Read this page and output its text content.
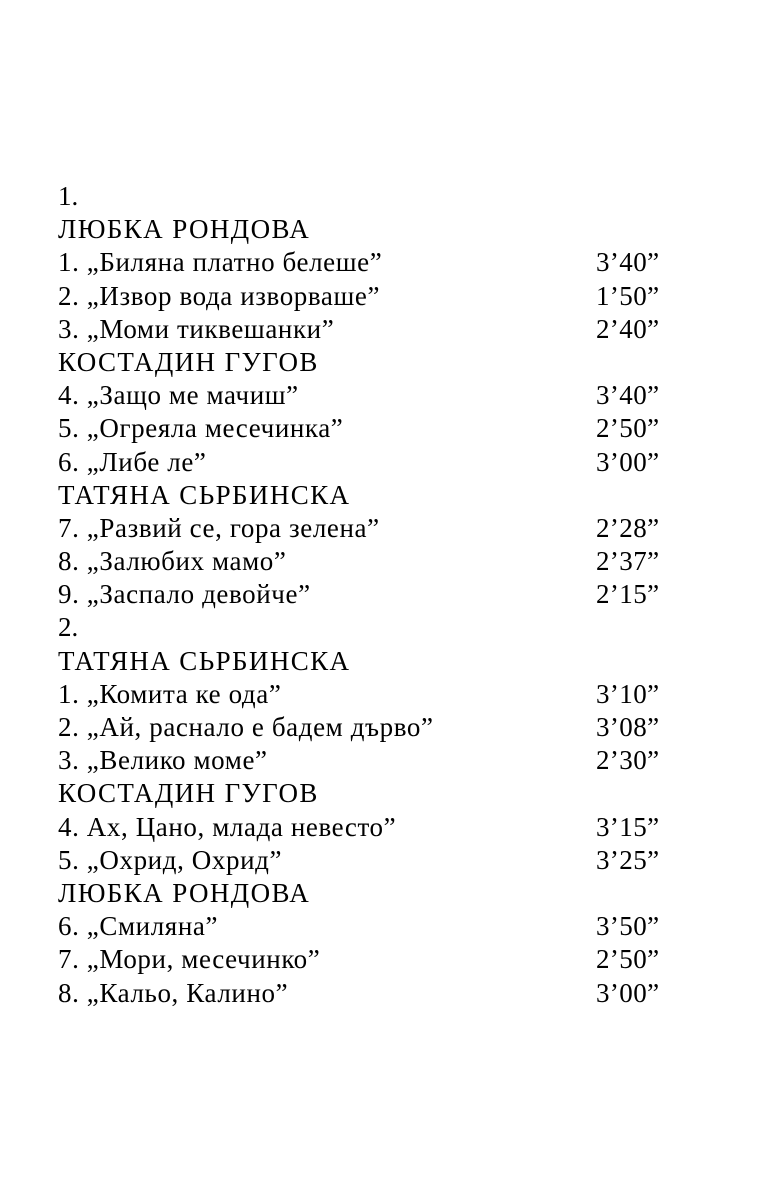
1.
ЛЮБКА РОНДОВА
1. „Биляна платно белеше”	3’40”
2. „Извор вода изворваше”	1’50”
3. „Моми тиквешанки”	2’40”
КОСТАДИН ГУГОВ
4. „Защо ме мачиш”	3’40”
5. „Огреяла месечинка”	2’50”
6. „Либе ле”	3’00”
ТАТЯНА СЬРБИНСКА
7. „Развий се, гора зелена”	2’28”
8. „Залюбих мамо”	2’37”
9. „Заспало девойче”	2’15”
2.
ТАТЯНА СЬРБИНСКА
1. „Комита ке ода”	3’10”
2. „Ай, раснало е бадем дърво”	3’08”
3. „Велико моме”	2’30”
КОСТАДИН ГУГОВ
4. Ах, Цано, млада невесто”	3’15”
5. „Охрид, Охрид”	3’25”
ЛЮБКА РОНДОВА
6. „Смиляна”	3’50”
7. „Мори, месечинко”	2’50”
8. „Кальо, Калино”	3’00”
